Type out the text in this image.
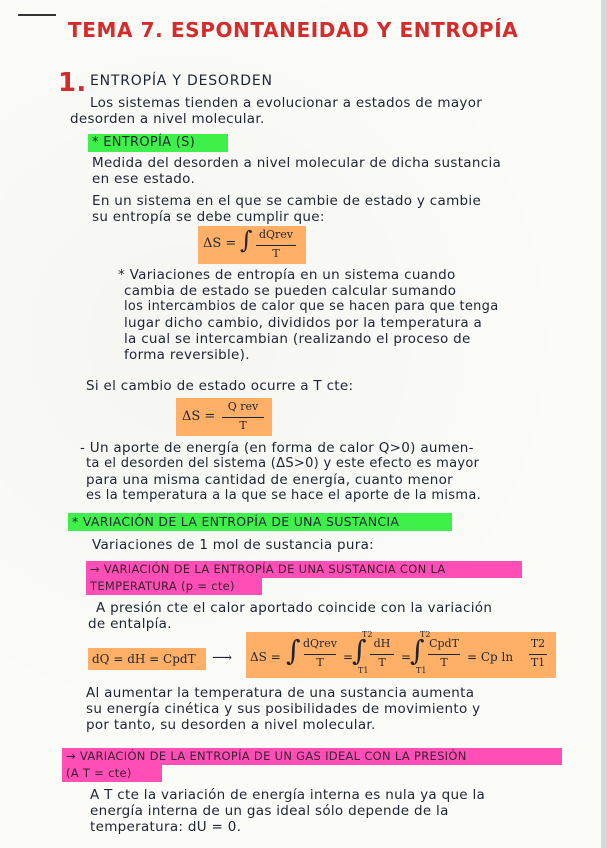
TEMA 7. ESPONTANEIDAD Y ENTROPÍA
1. ENTROPÍA Y DESORDEN
Los sistemas tienden a evolucionar a estados de mayor
desorden a nivel molecular.
* ENTROPÍA (S)
Medida del desorden a nivel molecular de dicha sustancia
en ese estado.
En un sistema en el que se cambie de estado y cambie
su entropía se debe cumplir que:
ΔS = ∫ dQrev
T
* Variaciones de entropía en un sistema cuando
cambia de estado se pueden calcular sumando
los intercambios de calor que se hacen para que tenga
lugar dicho cambio, divididos por la temperatura a
la cual se intercambian (realizando el proceso de
forma reversible).
Si el cambio de estado ocurre a T cte:
ΔS =
Q rev
T
- Un aporte de energía (en forma de calor Q>0) aumen-
ta el desorden del sistema (ΔS>0) y este efecto es mayor
para una misma cantidad de energía, cuanto menor
es la temperatura a la que se hace el aporte de la misma.
* VARIACIÓN DE LA ENTROPÍA DE UNA SUSTANCIA
Variaciones de 1 mol de sustancia pura:
→ VARIACIÓN DE LA ENTROPÍA DE UNA SUSTANCIA CON LA
TEMPERATURA (p = cte)
A presión cte el calor aportado coincide con la variación
de entalpía.
dQ = dH = CpdT ⟶ ΔS = ∫ dQrev
T	=
∫
T2
T1
dH
T	=
∫
T2
T1
CpdT
T	= Cp ln
T2
T1
Al aumentar la temperatura de una sustancia aumenta
su energía cinética y sus posibilidades de movimiento y
por tanto, su desorden a nivel molecular.
→ VARIACIÓN DE LA ENTROPÍA DE UN GAS IDEAL CON LA PRESIÓN
(A T = cte)
A T cte la variación de energía interna es nula ya que la
energía interna de un gas ideal sólo depende de la
temperatura: dU = 0.
